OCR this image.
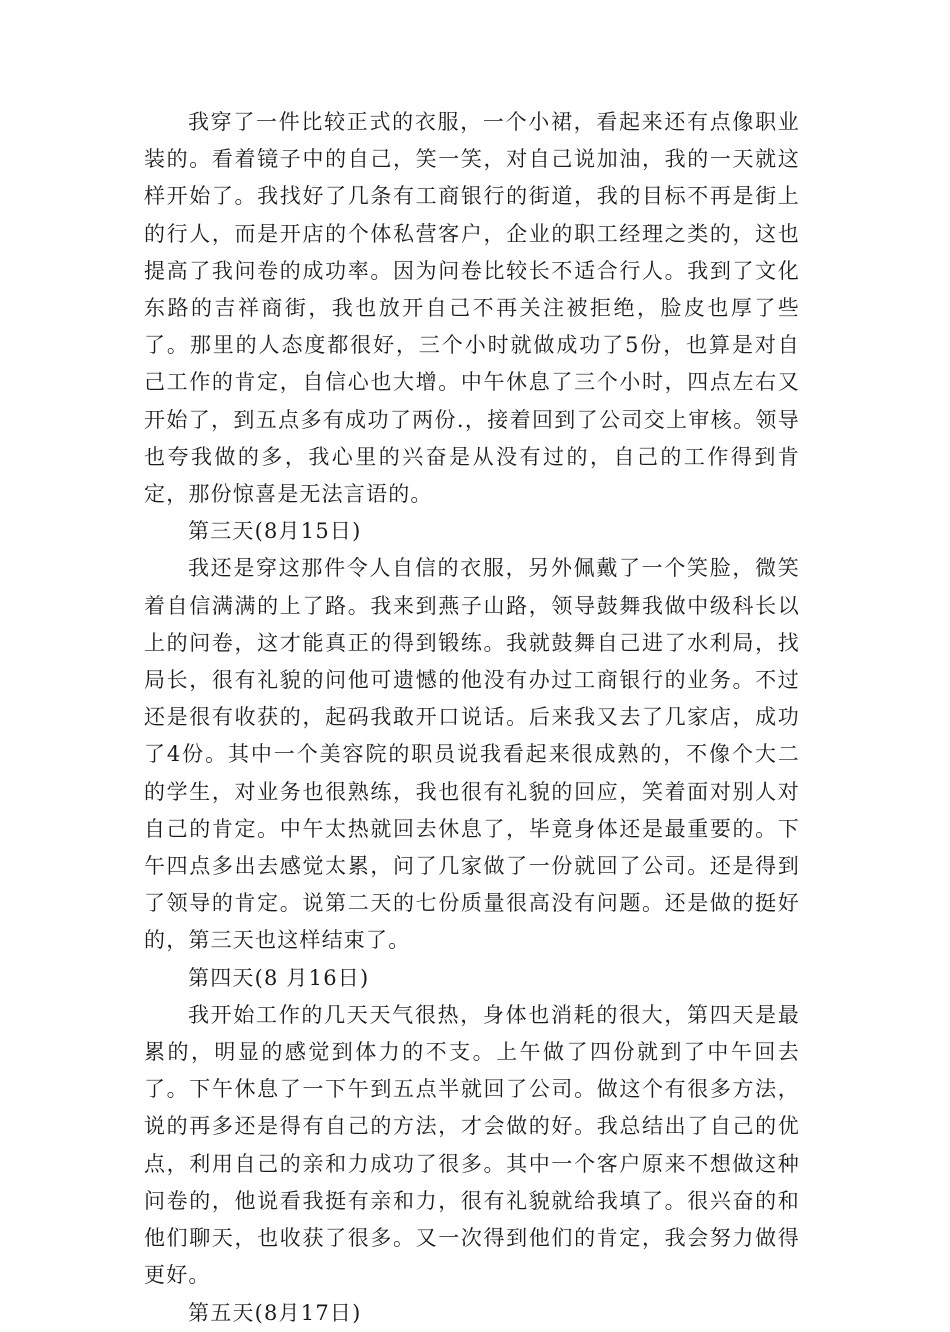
我穿了一件比较正式的衣服，一个小裙，看起来还有点像职业装的。看着镜子中的自己，笑一笑，对自己说加油，我的一天就这样开始了。我找好了几条有工商银行的街道，我的目标不再是街上的行人，而是开店的个体私营客户，企业的职工经理之类的，这也提高了我问卷的成功率。因为问卷比较长不适合行人。我到了文化东路的吉祥商街，我也放开自己不再关注被拒绝，脸皮也厚了些了。那里的人态度都很好，三个小时就做成功了5份，也算是对自己工作的肯定，自信心也大增。中午休息了三个小时，四点左右又开始了，到五点多有成功了两份.，接着回到了公司交上审核。领导也夸我做的多，我心里的兴奋是从没有过的，自己的工作得到肯定，那份惊喜是无法言语的。

第三天(8月15日)

我还是穿这那件令人自信的衣服，另外佩戴了一个笑脸，微笑着自信满满的上了路。我来到燕子山路，领导鼓舞我做中级科长以上的问卷，这才能真正的得到锻练。我就鼓舞自己进了水利局，找局长，很有礼貌的问他可遗憾的他没有办过工商银行的业务。不过还是很有收获的，起码我敢开口说话。后来我又去了几家店，成功了4份。其中一个美容院的职员说我看起来很成熟的，不像个大二的学生，对业务也很熟练，我也很有礼貌的回应，笑着面对别人对自己的肯定。中午太热就回去休息了，毕竟身体还是最重要的。下午四点多出去感觉太累，问了几家做了一份就回了公司。还是得到了领导的肯定。说第二天的七份质量很高没有问题。还是做的挺好的，第三天也这样结束了。

第四天(8 月16日)

我开始工作的几天天气很热，身体也消耗的很大，第四天是最累的，明显的感觉到体力的不支。上午做了四份就到了中午回去了。下午休息了一下午到五点半就回了公司。做这个有很多方法，说的再多还是得有自己的方法，才会做的好。我总结出了自己的优点，利用自己的亲和力成功了很多。其中一个客户原来不想做这种问卷的，他说看我挺有亲和力，很有礼貌就给我填了。很兴奋的和他们聊天，也收获了很多。又一次得到他们的肯定，我会努力做得更好。

第五天(8月17日)
